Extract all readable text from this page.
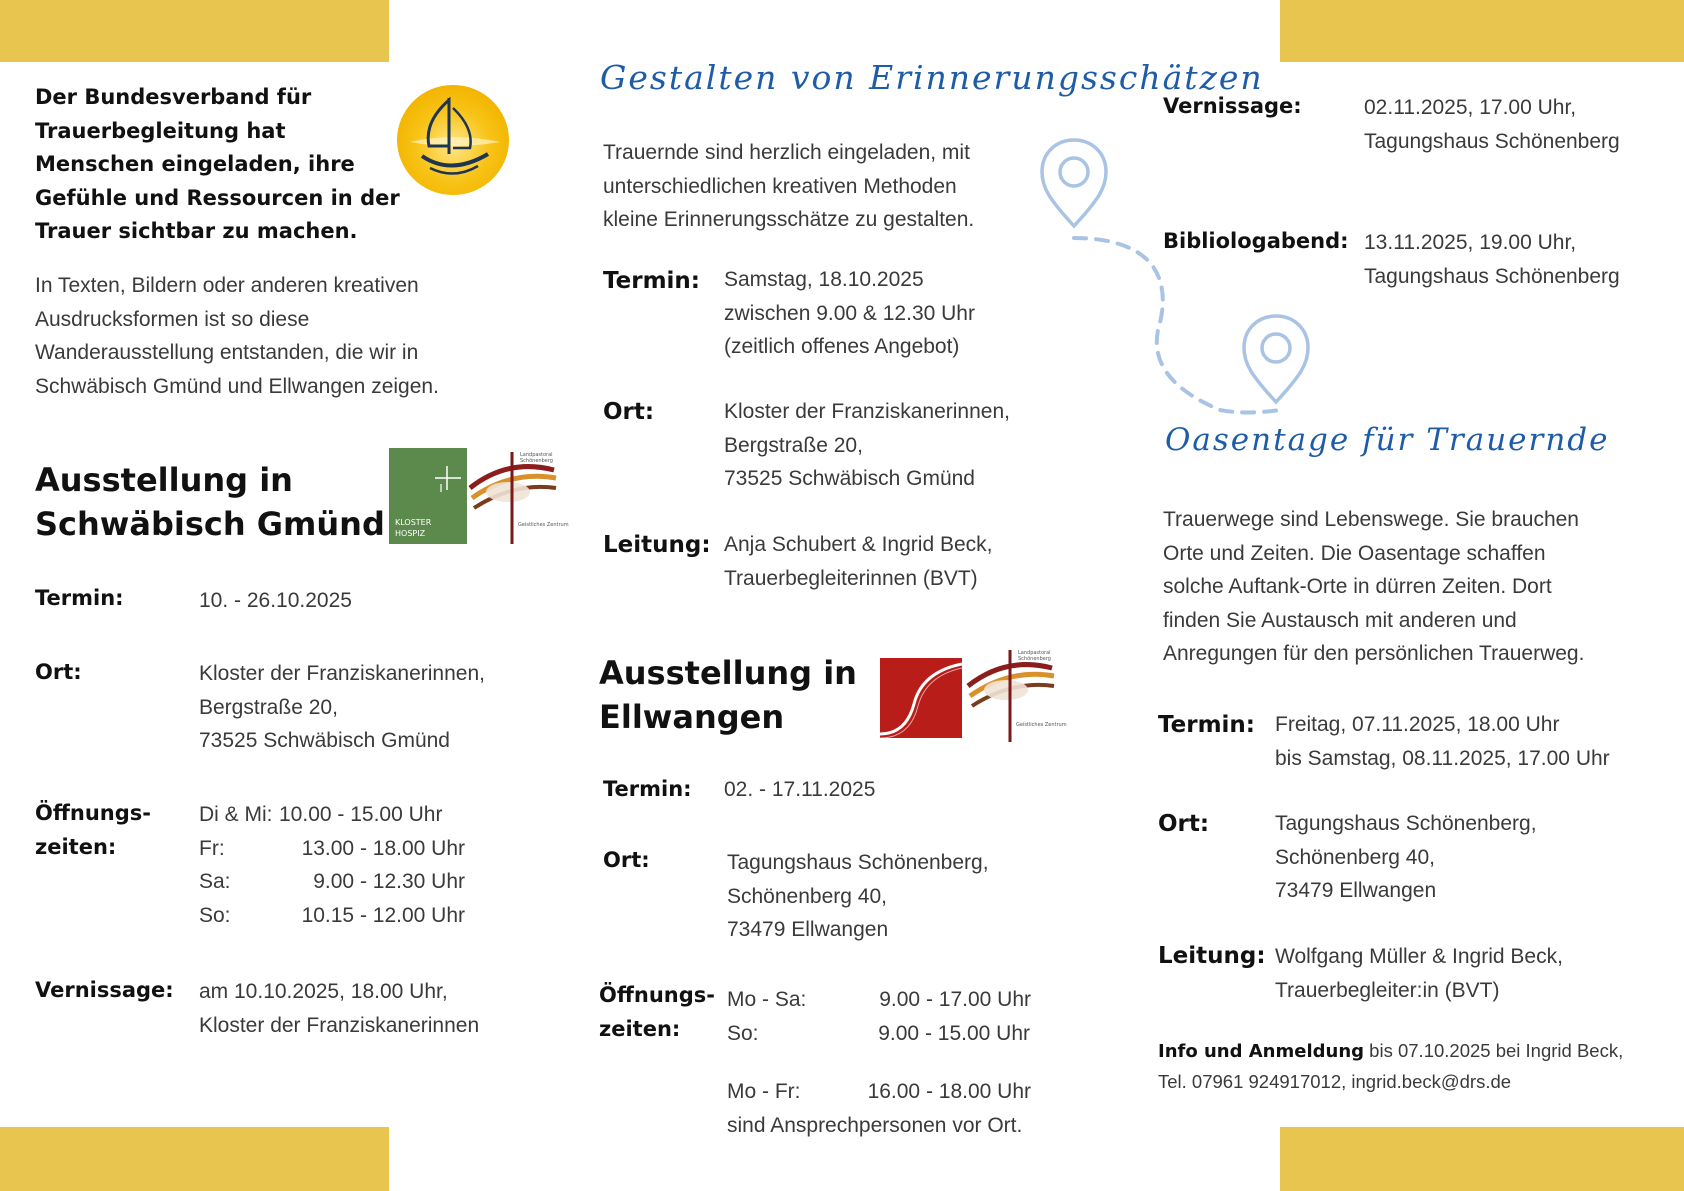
Der Bundesverband für
Trauerbegleitung hat
Menschen eingeladen, ihre
Gefühle und Ressourcen in der
Trauer sichtbar zu machen.
In Texten, Bildern oder anderen kreativen
Ausdrucksformen ist so diese
Wanderausstellung entstanden, die wir in
Schwäbisch Gmünd und Ellwangen zeigen.
Ausstellung in
Schwäbisch Gmünd KLOSTER
HOSPIZ
Landpastoral
Schönenberg
Geistliches Zentrum
Termin:	10. - 26.10.2025
Ort:	Kloster der Franziskanerinnen,
Bergstraße 20,
73525 Schwäbisch Gmünd
Öffnungs-
zeiten:
Di & Mi: 10.00 - 15.00 Uhr
Fr:	13.00 - 18.00 Uhr
Sa:	9.00 - 12.30 Uhr
So:	10.15 - 12.00 Uhr
Vernissage: am 10.10.2025, 18.00 Uhr,
Kloster der Franziskanerinnen
Gestalten von Erinnerungsschätzen
Trauernde sind herzlich eingeladen, mit
unterschiedlichen kreativen Methoden
kleine Erinnerungsschätze zu gestalten.
Termin: Samstag, 18.10.2025
zwischen 9.00 & 12.30 Uhr
(zeitlich offenes Angebot)
Ort:	Kloster der Franziskanerinnen,
Bergstraße 20,
73525 Schwäbisch Gmünd
Leitung: Anja Schubert & Ingrid Beck,
Trauerbegleiterinnen (BVT)
Ausstellung in
Ellwangen
Landpastoral
Schönenberg
Geistliches Zentrum
Termin: 02. - 17.11.2025
Ort:	Tagungshaus Schönenberg,
Schönenberg 40,
73479 Ellwangen
Öffnungs-
zeiten:
Mo - Sa:	9.00 - 17.00 Uhr
So:	9.00 - 15.00 Uhr
Mo - Fr:	16.00 - 18.00 Uhr
sind Ansprechpersonen vor Ort.
Vernissage:	02.11.2025, 17.00 Uhr,
Tagungshaus Schönenberg
Bibliologabend: 13.11.2025, 19.00 Uhr,
Tagungshaus Schönenberg
Oasentage für Trauernde
Trauerwege sind Lebenswege. Sie brauchen
Orte und Zeiten. Die Oasentage schaffen
solche Auftank-Orte in dürren Zeiten. Dort
finden Sie Austausch mit anderen und
Anregungen für den persönlichen Trauerweg.
Termin: Freitag, 07.11.2025, 18.00 Uhr
bis Samstag, 08.11.2025, 17.00 Uhr
Ort:	Tagungshaus Schönenberg,
Schönenberg 40,
73479 Ellwangen
Leitung: Wolfgang Müller & Ingrid Beck,
Trauerbegleiter:in (BVT)
Info und Anmeldung bis 07.10.2025 bei Ingrid Beck,
Tel. 07961 924917012, ingrid.beck@drs.de
